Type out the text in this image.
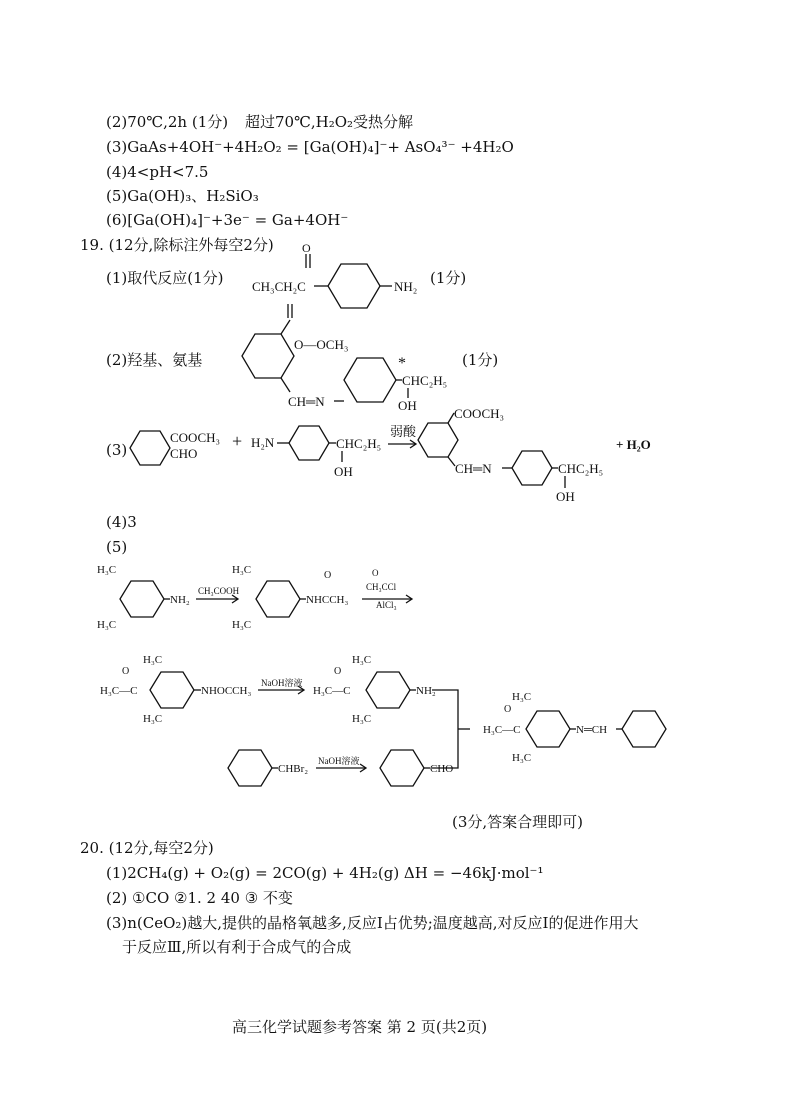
(2)70℃,2h (1分) 超过70℃,H₂O₂受热分解
(3)GaAs+4OH⁻+4H₂O₂ = [Ga(OH)₄]⁻+ AsO₄³⁻ +4H₂O
(4)4<pH<7.5
(5)Ga(OH)₃、H₂SiO₃
(6)[Ga(OH)₄]⁻+3e⁻ = Ga+4OH⁻
19. (12分,除标注外每空2分)
(1)取代反应(1分)	(1分)
(2)羟基、氨基	(1分)
(3)
(4)3
(5)
CH₃CH₂C
O
NH₂
O—OCH₃
CH═N
*
CHC₂H₅
OH
COOCH₃
CHO
+ H₂N	CHC₂H₅
OH
弱酸
COOCH₃
CH═N	CHC₂H₅
OH
+ H₂O
H₃C
H₃C
NH₂
CH₃COOH
H₃C
H₃C
NHCCH₃
O
CH₃CCl
O
AlCl₃
H₃C—C
O
H₃C
H₃C
NHOCCH₃
NaOH溶液
H₃C—C
O
H₃C
H₃C
NH₂
CHBr₂
NaOH溶液
CHO
H₃C—C
O
H₃C
H₃C
N═CH
(3分,答案合理即可)
20. (12分,每空2分)
(1)2CH₄(g) + O₂(g) = 2CO(g) + 4H₂(g) ΔH = −46kJ·mol⁻¹
(2) ①CO ②1. 2 40 ③ 不变
(3)n(CeO₂)越大,提供的晶格氧越多,反应Ⅰ占优势;温度越高,对反应Ⅰ的促进作用大
于反应Ⅲ,所以有利于合成气的合成
高三化学试题参考答案 第 2 页(共2页)
